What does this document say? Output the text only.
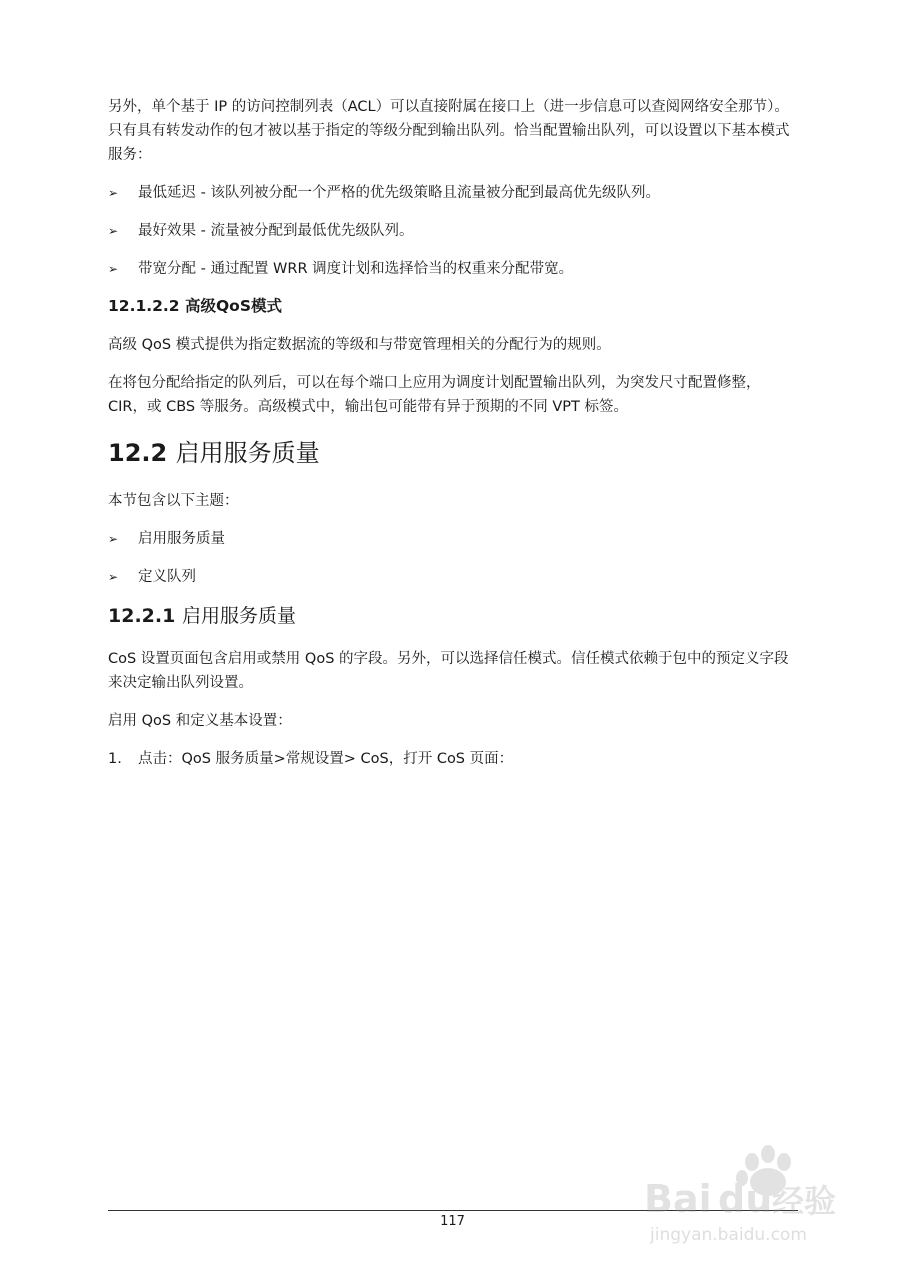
另外，单个基于 IP 的访问控制列表（ACL）可以直接附属在接口上（进一步信息可以查阅网络安全那节）。只有具有转发动作的包才被以基于指定的等级分配到输出队列。恰当配置输出队列，可以设置以下基本模式服务：

➢ 最低延迟 - 该队列被分配一个严格的优先级策略且流量被分配到最高优先级队列。
➢ 最好效果 - 流量被分配到最低优先级队列。
➢ 带宽分配 - 通过配置 WRR 调度计划和选择恰当的权重来分配带宽。
12.1.2.2 高级QoS模式

高级 QoS 模式提供为指定数据流的等级和与带宽管理相关的分配行为的规则。

在将包分配给指定的队列后，可以在每个端口上应用为调度计划配置输出队列，为突发尺寸配置修整，CIR，或 CBS 等服务。高级模式中，输出包可能带有异于预期的不同 VPT 标签。

12.2 启用服务质量

本节包含以下主题：

➢ 启用服务质量
➢ 定义队列
12.2.1 启用服务质量

CoS 设置页面包含启用或禁用 QoS 的字段。另外，可以选择信任模式。信任模式依赖于包中的预定义字段来决定输出队列设置。

启用 QoS 和定义基本设置：

1. 点击：QoS 服务质量>常规设置> CoS，打开 CoS 页面：
117
Bai du 经验
jingyan.baidu.com
